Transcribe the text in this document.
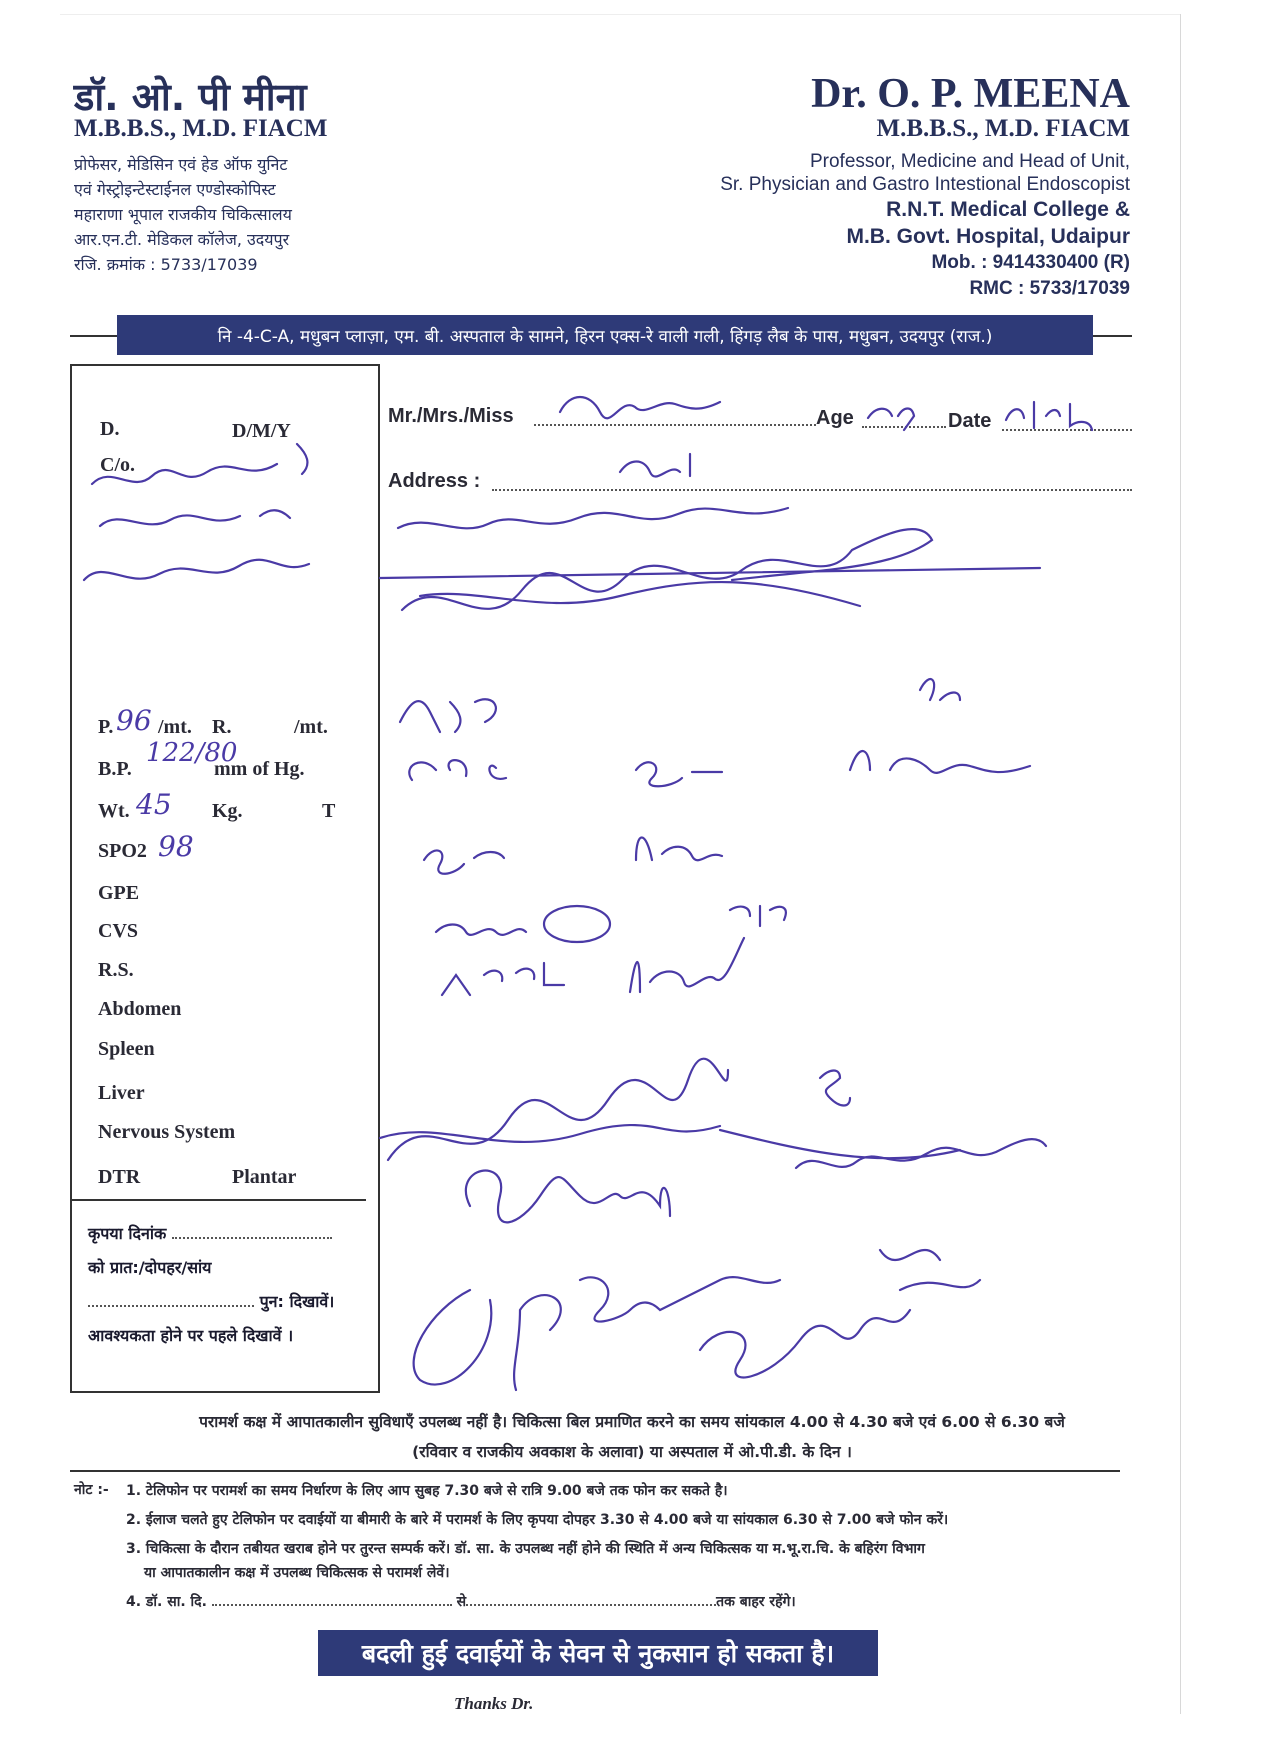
डॉ. ओ. पी मीना	Dr. O. P. MEENA
M.B.B.S., M.D. FIACM	M.B.B.S., M.D. FIACM
प्रोफेसर, मेडिसिन एवं हेड ऑफ युनिट
एवं गेस्ट्रोइन्टेस्टाईनल एण्डोस्कोपिस्ट
महाराणा भूपाल राजकीय चिकित्सालय
आर.एन.टी. मेडिकल कॉलेज, उदयपुर
रजि. क्रमांक : 5733/17039
Professor, Medicine and Head of Unit,
Sr. Physician and Gastro Intestional Endoscopist
R.N.T. Medical College &
M.B. Govt. Hospital, Udaipur
Mob. : 9414330400 (R)
RMC : 5733/17039
नि -4-C-A, मधुबन प्लाज़ा, एम. बी. अस्पताल के सामने, हिरन एक्स-रे वाली गली, हिंगड़ लैब के पास, मधुबन, उदयपुर (राज.)
D.	D/M/Y
C/o.
P. 96 /mt. R.	/mt.
B.P.
122/80
mm of Hg.
Wt. 45 Kg.	T
SPO2 98
GPE
CVS
R.S.
Abdomen
Spleen
Liver
Nervous System
DTR	Plantar
कृपया दिनांक
को प्रात:/दोपहर/सांय
पुन: दिखावें।
आवश्यकता होने पर पहले दिखावें ।
Mr./Mrs./Miss	Age	Date
Address :
परामर्श कक्ष में आपातकालीन सुविधाएँ उपलब्ध नहीं है। चिकित्सा बिल प्रमाणित करने का समय सांयकाल 4.00 से 4.30 बजे एवं 6.00 से 6.30 बजे
(रविवार व राजकीय अवकाश के अलावा) या अस्पताल में ओ.पी.डी. के दिन ।
नोट :- 1. टेलिफोन पर परामर्श का समय निर्धारण के लिए आप सुबह 7.30 बजे से रात्रि 9.00 बजे तक फोन कर सकते है।
2. ईलाज चलते हुए टेलिफोन पर दवाईयों या बीमारी के बारे में परामर्श के लिए कृपया दोपहर 3.30 से 4.00 बजे या सांयकाल 6.30 से 7.00 बजे फोन करें।
3. चिकित्सा के दौरान तबीयत खराब होने पर तुरन्त सम्पर्क करें। डॉ. सा. के उपलब्ध नहीं होने की स्थिति में अन्य चिकित्सक या म.भू.रा.चि. के बहिरंग विभाग
या आपातकालीन कक्ष में उपलब्ध चिकित्सक से परामर्श लेवें।
4. डॉ. सा. दि.	से	तक बाहर रहेंगे।
बदली हुई दवाईयों के सेवन से नुकसान हो सकता है।
Thanks Dr.
